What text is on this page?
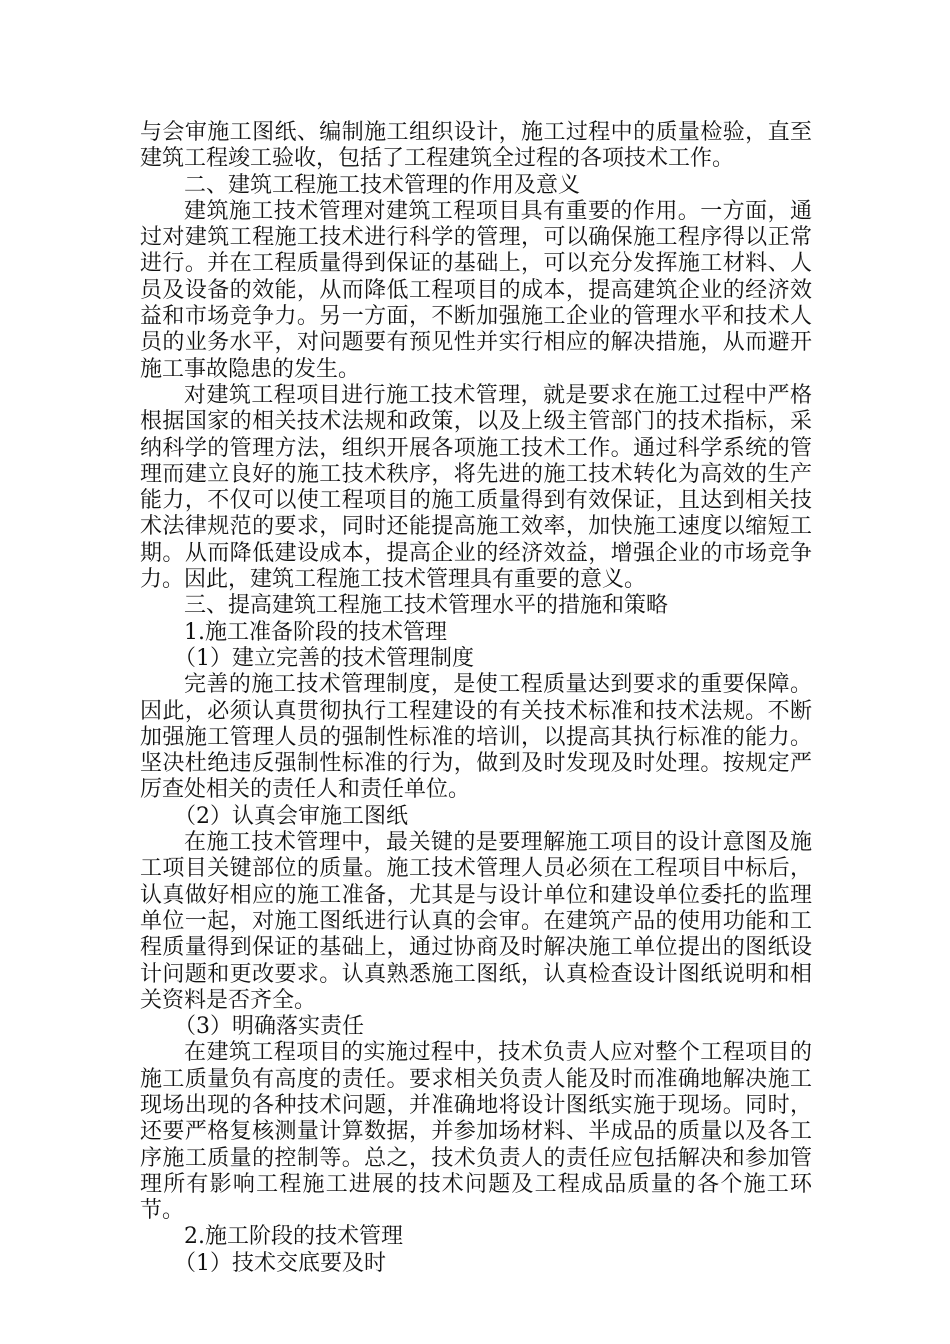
与会审施工图纸、编制施工组织设计，施工过程中的质量检验，直至建筑工程竣工验收，包括了工程建筑全过程的各项技术工作。

二、建筑工程施工技术管理的作用及意义

建筑施工技术管理对建筑工程项目具有重要的作用。一方面，通过对建筑工程施工技术进行科学的管理，可以确保施工程序得以正常进行。并在工程质量得到保证的基础上，可以充分发挥施工材料、人员及设备的效能，从而降低工程项目的成本，提高建筑企业的经济效益和市场竞争力。另一方面，不断加强施工企业的管理水平和技术人员的业务水平，对问题要有预见性并实行相应的解决措施，从而避开施工事故隐患的发生。

对建筑工程项目进行施工技术管理，就是要求在施工过程中严格根据国家的相关技术法规和政策，以及上级主管部门的技术指标，采纳科学的管理方法，组织开展各项施工技术工作。通过科学系统的管理而建立良好的施工技术秩序，将先进的施工技术转化为高效的生产能力，不仅可以使工程项目的施工质量得到有效保证，且达到相关技术法律规范的要求，同时还能提高施工效率，加快施工速度以缩短工期。从而降低建设成本，提高企业的经济效益，增强企业的市场竞争力。因此，建筑工程施工技术管理具有重要的意义。

三、提高建筑工程施工技术管理水平的措施和策略

1.施工准备阶段的技术管理

（1）建立完善的技术管理制度

完善的施工技术管理制度，是使工程质量达到要求的重要保障。因此，必须认真贯彻执行工程建设的有关技术标准和技术法规。不断加强施工管理人员的强制性标准的培训，以提高其执行标准的能力。坚决杜绝违反强制性标准的行为，做到及时发现及时处理。按规定严厉查处相关的责任人和责任单位。

（2）认真会审施工图纸

在施工技术管理中，最关键的是要理解施工项目的设计意图及施工项目关键部位的质量。施工技术管理人员必须在工程项目中标后，认真做好相应的施工准备，尤其是与设计单位和建设单位委托的监理单位一起，对施工图纸进行认真的会审。在建筑产品的使用功能和工程质量得到保证的基础上，通过协商及时解决施工单位提出的图纸设计问题和更改要求。认真熟悉施工图纸，认真检查设计图纸说明和相关资料是否齐全。

（3）明确落实责任

在建筑工程项目的实施过程中，技术负责人应对整个工程项目的施工质量负有高度的责任。要求相关负责人能及时而准确地解决施工现场出现的各种技术问题，并准确地将设计图纸实施于现场。同时，还要严格复核测量计算数据，并参加场材料、半成品的质量以及各工序施工质量的控制等。总之，技术负责人的责任应包括解决和参加管理所有影响工程施工进展的技术问题及工程成品质量的各个施工环节。

2.施工阶段的技术管理

（1）技术交底要及时
